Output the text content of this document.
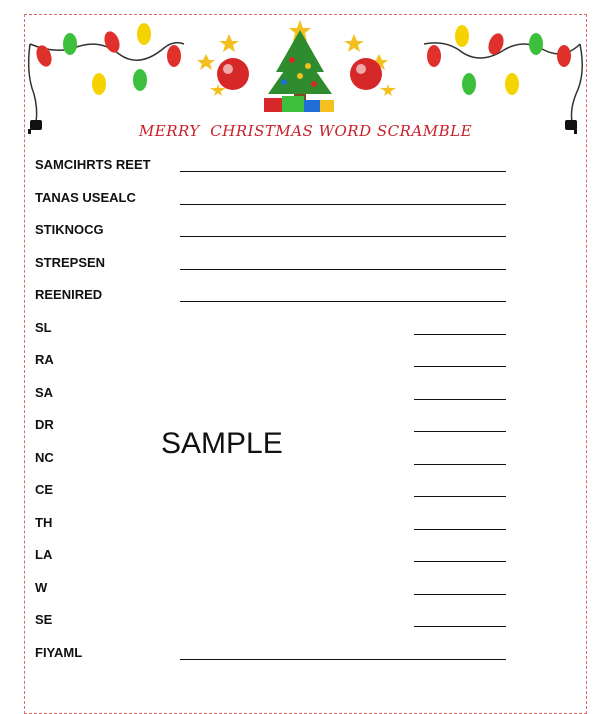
MERRY  CHRISTMAS WORD SCRAMBLE
SAMCIHRTS REET
TANAS USEALC
STIKNOCG
STREPSEN
REENIRED
SL
RA
SA
DR
NC
CE
TH
LA
W
SE
FIYAML
SAMPLE
